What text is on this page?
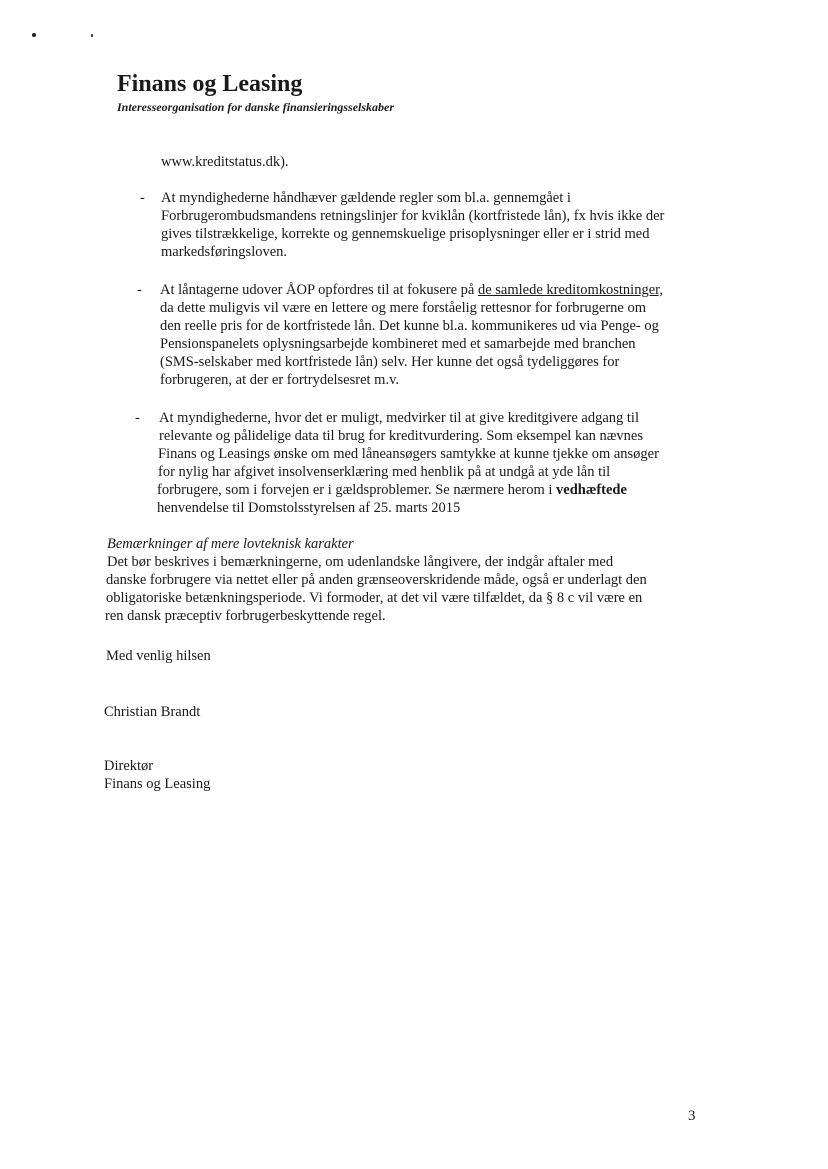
Finans og Leasing

Interesseorganisation for danske finansieringsselskaber

www.kreditstatus.dk).

- At myndighederne håndhæver gældende regler som bl.a. gennemgået i

Forbrugerombudsmandens retningslinjer for kviklån (kortfristede lån), fx hvis ikke der

gives tilstrækkelige, korrekte og gennemskuelige prisoplysninger eller er i strid med

markedsføringsloven.

- At låntagerne udover ÅOP opfordres til at fokusere på de samlede kreditomkostninger,

da dette muligvis vil være en lettere og mere forståelig rettesnor for forbrugerne om

den reelle pris for de kortfristede lån. Det kunne bl.a. kommunikeres ud via Penge- og

Pensionspanelets oplysningsarbejde kombineret med et samarbejde med branchen

(SMS-selskaber med kortfristede lån) selv. Her kunne det også tydeliggøres for

forbrugeren, at der er fortrydelsesret m.v.

- At myndighederne, hvor det er muligt, medvirker til at give kreditgivere adgang til

relevante og pålidelige data til brug for kreditvurdering. Som eksempel kan nævnes

Finans og Leasings ønske om med låneansøgers samtykke at kunne tjekke om ansøger

for nylig har afgivet insolvenserklæring med henblik på at undgå at yde lån til

forbrugere, som i forvejen er i gældsproblemer. Se nærmere herom i vedhæftede

henvendelse til Domstolsstyrelsen af 25. marts 2015

Bemærkninger af mere lovteknisk karakter

Det bør beskrives i bemærkningerne, om udenlandske långivere, der indgår aftaler med

danske forbrugere via nettet eller på anden grænseoverskridende måde, også er underlagt den

obligatoriske betænkningsperiode. Vi formoder, at det vil være tilfældet, da § 8 c vil være en

ren dansk præceptiv forbrugerbeskyttende regel.

Med venlig hilsen

Christian Brandt

Direktør

Finans og Leasing

3
